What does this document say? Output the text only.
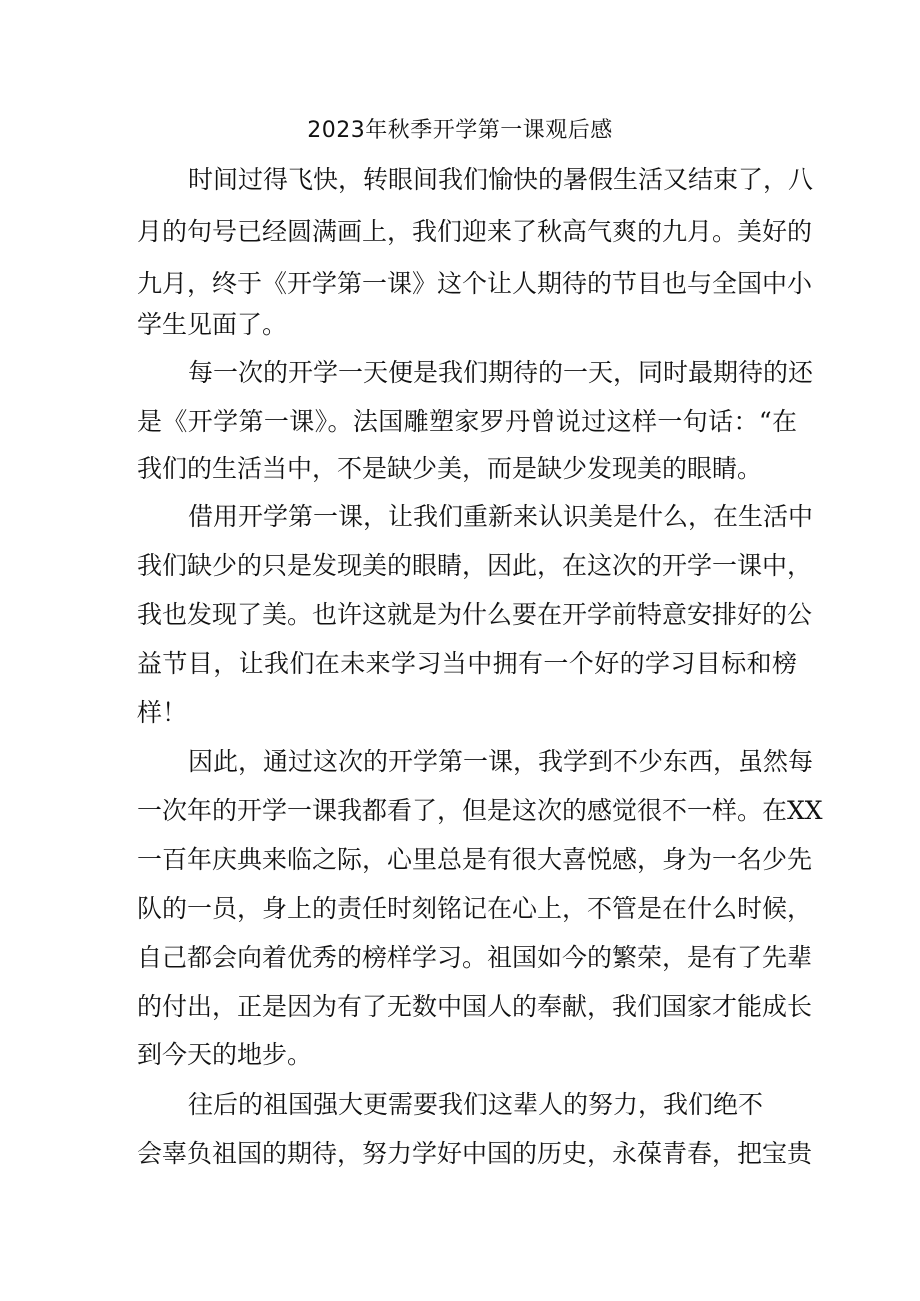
2023年秋季开学第一课观后感
时间过得飞快，转眼间我们愉快的暑假生活又结束了，八
月的句号已经圆满画上，我们迎来了秋高气爽的九月。美好的
九月，终于《开学第一课》这个让人期待的节目也与全国中小
学生见面了。
每一次的开学一天便是我们期待的一天，同时最期待的还
是《开学第一课》。法国雕塑家罗丹曾说过这样一句话：“在
我们的生活当中，不是缺少美，而是缺少发现美的眼睛。
借用开学第一课，让我们重新来认识美是什么，在生活中
我们缺少的只是发现美的眼睛，因此，在这次的开学一课中，
我也发现了美。也许这就是为什么要在开学前特意安排好的公
益节目，让我们在未来学习当中拥有一个好的学习目标和榜
样！
因此，通过这次的开学第一课，我学到不少东西，虽然每
一次年的开学一课我都看了，但是这次的感觉很不一样。在XX
一百年庆典来临之际，心里总是有很大喜悦感，身为一名少先
队的一员，身上的责任时刻铭记在心上，不管是在什么时候，
自己都会向着优秀的榜样学习。祖国如今的繁荣，是有了先辈
的付出，正是因为有了无数中国人的奉献，我们国家才能成长
到今天的地步。
往后的祖国强大更需要我们这辈人的努力，我们绝不
会辜负祖国的期待，努力学好中国的历史，永葆青春，把宝贵
